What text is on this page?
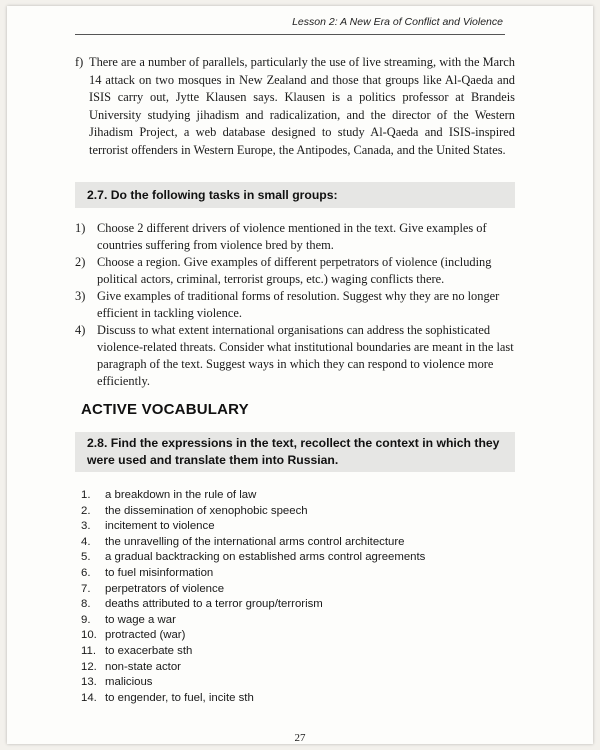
Lesson 2: A New Era of Conflict and Violence
f) There are a number of parallels, particularly the use of live streaming, with the March 14 attack on two mosques in New Zealand and those that groups like Al-Qaeda and ISIS carry out, Jytte Klausen says. Klausen is a politics professor at Brandeis University studying jihadism and radicalization, and the director of the Western Jihadism Project, a web database designed to study Al-Qaeda and ISIS-inspired terrorist offenders in Western Europe, the Antipodes, Canada, and the United States.
2.7. Do the following tasks in small groups:
1) Choose 2 different drivers of violence mentioned in the text. Give examples of countries suffering from violence bred by them.
2) Choose a region. Give examples of different perpetrators of violence (including political actors, criminal, terrorist groups, etc.) waging conflicts there.
3) Give examples of traditional forms of resolution. Suggest why they are no longer efficient in tackling violence.
4) Discuss to what extent international organisations can address the sophisticated violence-related threats. Consider what institutional boundaries are meant in the last paragraph of the text. Suggest ways in which they can respond to violence more efficiently.
ACTIVE VOCABULARY
2.8. Find the expressions in the text, recollect the context in which they were used and translate them into Russian.
1. a breakdown in the rule of law
2. the dissemination of xenophobic speech
3. incitement to violence
4. the unravelling of the international arms control architecture
5. a gradual backtracking on established arms control agreements
6. to fuel misinformation
7. perpetrators of violence
8. deaths attributed to a terror group/terrorism
9. to wage a war
10. protracted (war)
11. to exacerbate sth
12. non-state actor
13. malicious
14. to engender, to fuel, incite sth
27
